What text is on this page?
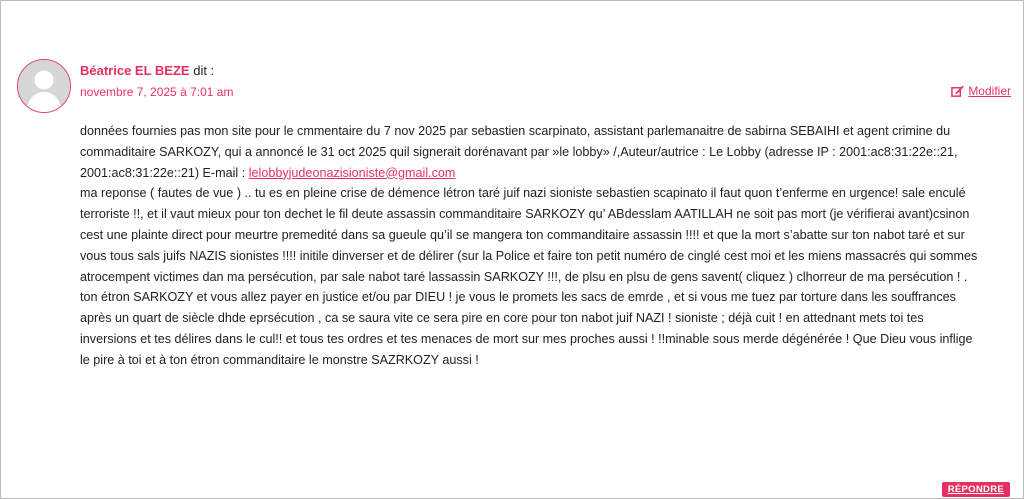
Béatrice EL BEZE dit :
novembre 7, 2025 à 7:01 am	Modifier

données fournies pas mon site pour le cmmentaire du 7 nov 2025 par sebastien scarpinato, assistant parlemanaitre de sabirna SEBAIHI et agent crimine du commaditaire SARKOZY, qui a annoncé le 31 oct 2025 quil signerait dorénavant par »le lobby» /,Auteur/autrice : Le Lobby (adresse IP : 2001:ac8:31:22e::21, 2001:ac8:31:22e::21) E-mail : lelobbyjudeonazisioniste@gmail.com

ma reponse ( fautes de vue ) .. tu es en pleine crise de démence létron taré juif nazi sioniste sebastien scapinato il faut quon t’enferme en urgence! sale enculé terroriste !!, et il vaut mieux pour ton dechet le fil deute assassin commanditaire SARKOZY qu’ ABdesslam AATILLAH ne soit pas mort (je vérifierai avant)csinon cest une plainte direct pour meurtre premedité dans sa gueule qu’il se mangera ton commanditaire assassin !!!! et que la mort s’abatte sur ton nabot taré et sur vous tous sals juifs NAZIS sionistes !!!! initile dinverser et de délirer (sur la Police et faire ton petit numéro de cinglé cest moi et les miens massacrés qui sommes atrocempent victimes dan ma persécution, par sale nabot taré lassassin SARKOZY !!!, de plsu en plsu de gens savent( cliquez ) clhorreur de ma persécution ! . ton étron SARKOZY et vous allez payer en justice et/ou par DIEU ! je vous le promets les sacs de emrde , et si vous me tuez par torture dans les souffrances après un quart de siècle dhde eprsécution , ca se saura vite ce sera pire en core pour ton nabot juif NAZI ! sioniste ; déjà cuit ! en attednant mets toi tes inversions et tes délires dans le cul!! et tous tes ordres et tes menaces de mort sur mes proches aussi ! !!minable sous merde dégénérée ! Que Dieu vous inflige le pire à toi et à ton étron commanditaire le monstre SAZRKOZY aussi !

RÉPONDRE
